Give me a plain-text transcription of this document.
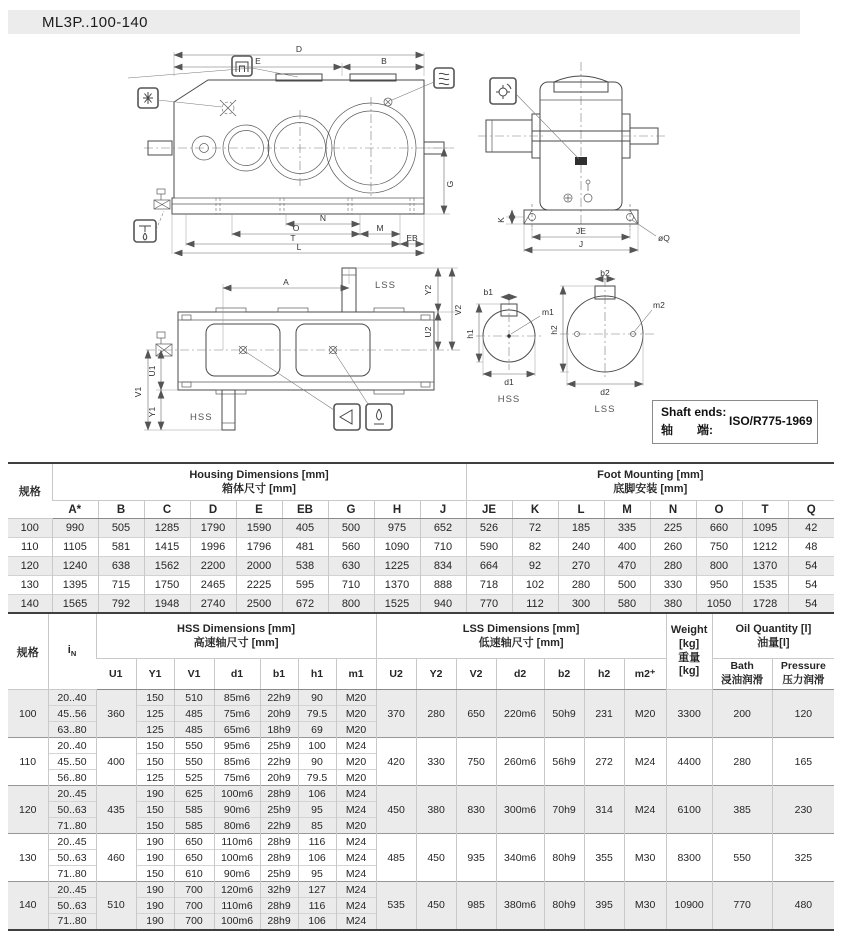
ML3P..100-140
D
E	B
G
N
O	M
T	EB
L
K
JE
J
øQ
LSS
HSS
A
Y2
V2
U2
V1
U1
Y1
b1
m1
h1
d1
HSS
b2
m2
h2
d2
LSS	Shaft ends:
轴　　端:
ISO/R775-1969
规格	
Housing Dimensions [mm]
箱体尺寸 [mm]

Foot Mounting [mm]
底脚安装 [mm]

	A*	B	C	D	E	EB	G	H	J	JE	K	L	M	N	O	T	Q
100	990	505	1285	1790	1590	405	500	975	652	526	72	185	335	225	660	1095	42
110	1105	581	1415	1996	1796	481	560	1090	710	590	82	240	400	260	750	1212	48
120	1240	638	1562	2200	2000	538	630	1225	834	664	92	270	470	280	800	1370	54
130	1395	715	1750	2465	2225	595	710	1370	888	718	102	280	500	330	950	1535	54
140	1565	792	1948	2740	2500	672	800	1525	940	770	112	300	580	380	1050	1728	54
规格	$i_N$	
HSS Dimensions [mm]
高速轴尺寸 [mm]

LSS Dimensions [mm]
低速轴尺寸 [mm]

Weight
[kg]
重量
[kg]

Oil Quantity [l]
油量[l]

U1	Y1	V1	d1	b1	h1	m1	U2	Y2	V2	d2	b2	h2	m2⁺	
Bath
浸油润滑

Pressure
压力润滑

100	20..40	360	150	510	85m6	22h9	90	M20	370	280	650	220m6	50h9	231	M20	3300	200	120
	45..56		125	485	75m6	20h9	79.5	M20										
	63..80		125	485	65m6	18h9	69	M20										
110	20..40	400	150	550	95m6	25h9	100	M24	420	330	750	260m6	56h9	272	M24	4400	280	165
	45..50		150	550	85m6	22h9	90	M20										
	56..80		125	525	75m6	20h9	79.5	M20										
120	20..45	435	190	625	100m6	28h9	106	M24	450	380	830	300m6	70h9	314	M24	6100	385	230
	50..63		150	585	90m6	25h9	95	M24										
	71..80		150	585	80m6	22h9	85	M20										
130	20..45	460	190	650	110m6	28h9	116	M24	485	450	935	340m6	80h9	355	M30	8300	550	325
	50..63		190	650	100m6	28h9	106	M24										
	71..80		150	610	90m6	25h9	95	M24										
140	20..45	510	190	700	120m6	32h9	127	M24	535	450	985	380m6	80h9	395	M30	10900	770	480
	50..63		190	700	110m6	28h9	116	M24										
	71..80		190	700	100m6	28h9	106	M24										
